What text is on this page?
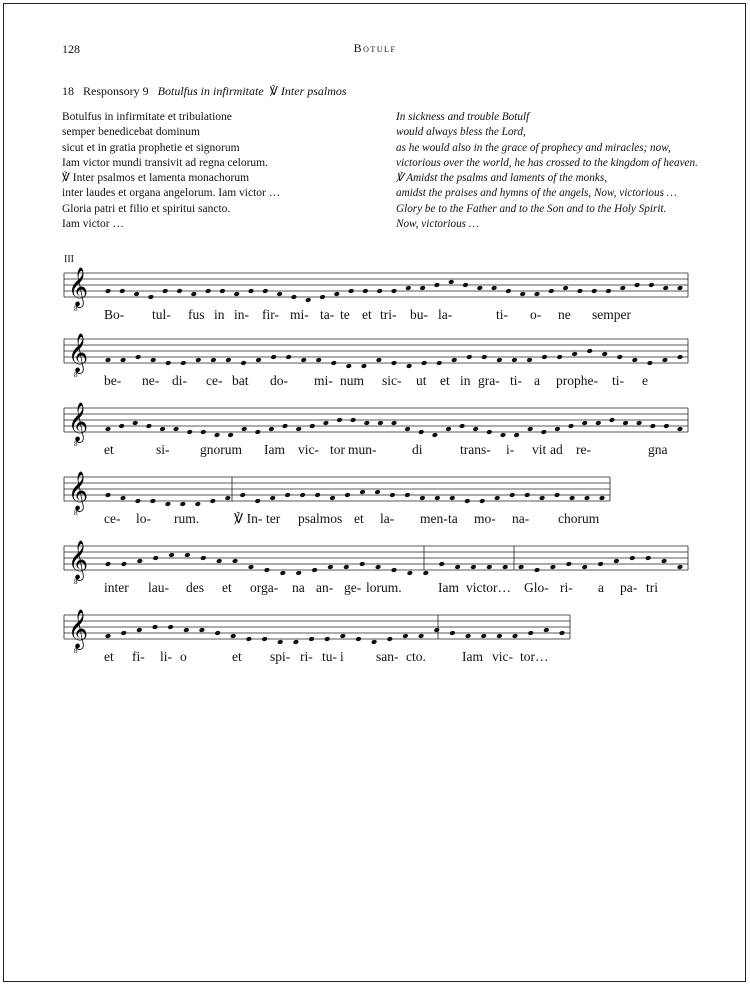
128	Botulf
18 Responsory 9 Botulfus in infirmitate ℣ Inter psalmos
Botulfus in infirmitate et tribulatione
semper benedicebat dominum
sicut et in gratia prophetie et signorum
Iam victor mundi transivit ad regna celorum.
℣ Inter psalmos et lamenta monachorum
inter laudes et organa angelorum. Iam victor …
Gloria patri et filio et spiritui sancto.
Iam victor …
In sickness and trouble Botulf
would always bless the Lord,
as he would also in the grace of prophecy and miracles; now,
victorious over the world, he has crossed to the kingdom of heaven.
℣ Amidst the psalms and laments of the monks,
amidst the praises and hymns of the angels, Now, victorious …
Glory be to the Father and to the Son and to the Holy Spirit.
Now, victorious …
III
𝄞
8 Bo- tul- fus in in- fir- mi- ta- te et tri- bu- la-	ti- o- ne semper
𝄞
8 be- ne- di- ce- bat do- mi- num sic- ut et in gra- ti- a prophe- ti- e
𝄞
8 et	si- gnorum Iam vic- tor mun-	di	trans- i- vit ad re-	gna
𝄞
8 ce- lo- rum.	℣ In- ter psalmos et la- men- ta mo- na- chorum
𝄞
8 inter lau- des et orga- na an- ge- lorum.	Iam victor… Glo- ri- a pa- tri
𝄞
8 et fi- li- o	et spi- ri- tu- i san- cto.	Iam vic- tor…
